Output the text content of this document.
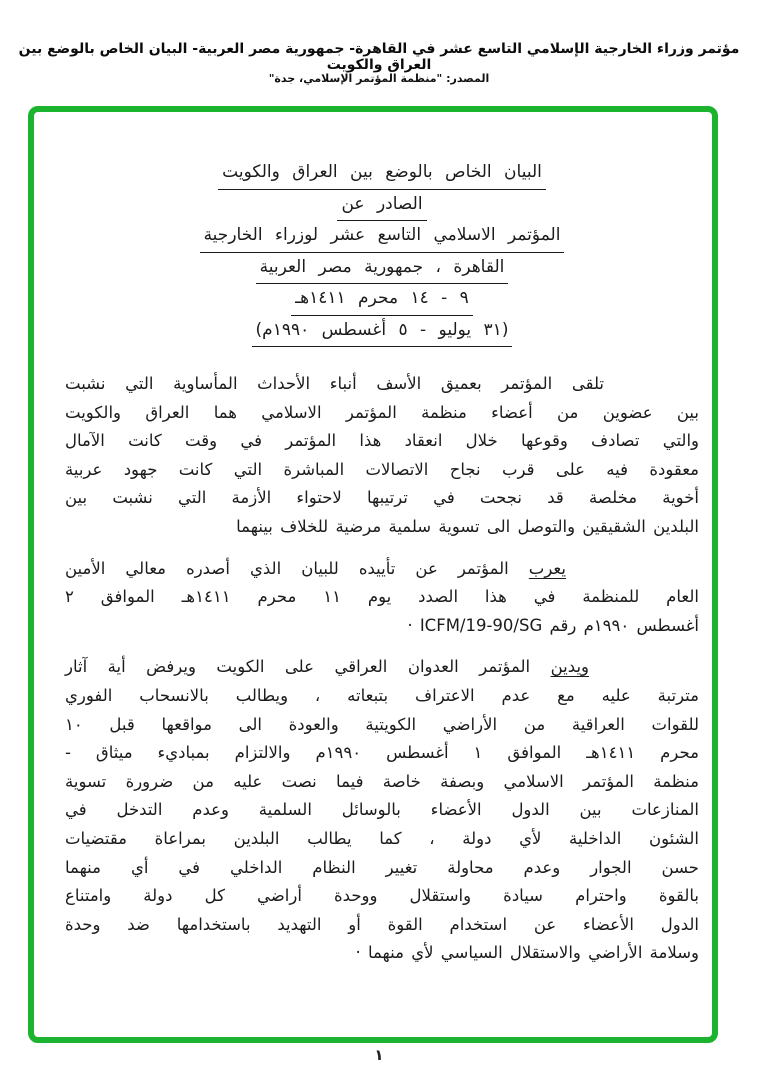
مؤتمر وزراء الخارجية الإسلامي التاسع عشر في القاهرة- جمهورية مصر العربية- البيان الخاص بالوضع بين العراق والكويت
المصدر: "منظمة المؤتمر الإسلامي، جدة"
البيان الخاص بالوضع بين العراق والكويت
الصادر عن
المؤتمر الاسلامي التاسع عشر لوزراء الخارجية
القاهرة ، جمهورية مصر العربية
٩ - ١٤ محرم ١٤١١هـ
(٣١ يوليو - ٥ أغسطس ١٩٩٠م)
تلقى المؤتمر بعميق الأسف أنباء الأحداث المأساوية التي نشبت
بين عضوين من أعضاء منظمة المؤتمر الاسلامي هما العراق والكويت
والتي تصادف وقوعها خلال انعقاد هذا المؤتمر في وقت كانت الآمال
معقودة فيه على قرب نجاح الاتصالات المباشرة التي كانت جهود عربية
أخوية مخلصة قد نجحت في ترتيبها لاحتواء الأزمة التي نشبت بين
البلدين الشقيقين والتوصل الى تسوية سلمية مرضية للخلاف بينهما
يعرب المؤتمر عن تأييده للبيان الذي أصدره معالي الأمين
العام للمنظمة في هذا الصدد يوم ١١ محرم ١٤١١هـ الموافق ٢
أغسطس ١٩٩٠م رقم ICFM/19-90/SG ·
ويدين المؤتمر العدوان العراقي على الكويت ويرفض أية آثار
مترتبة عليه مع عدم الاعتراف بتبعاته ، ويطالب بالانسحاب الفوري
للقوات العراقية من الأراضي الكويتية والعودة الى مواقعها قبل ١٠
محرم ١٤١١هـ الموافق ١ أغسطس ١٩٩٠م والالتزام بمباديء ميثاق -
منظمة المؤتمر الاسلامي وبصفة خاصة فيما نصت عليه من ضرورة تسوية
المنازعات بين الدول الأعضاء بالوسائل السلمية وعدم التدخل في
الشئون الداخلية لأي دولة ، كما يطالب البلدين بمراعاة مقتضيات
حسن الجوار وعدم محاولة تغيير النظام الداخلي في أي منهما
بالقوة واحترام سيادة واستقلال ووحدة أراضي كل دولة وامتناع
الدول الأعضاء عن استخدام القوة أو التهديد باستخدامها ضد وحدة
وسلامة الأراضي والاستقلال السياسي لأي منهما ·
١
